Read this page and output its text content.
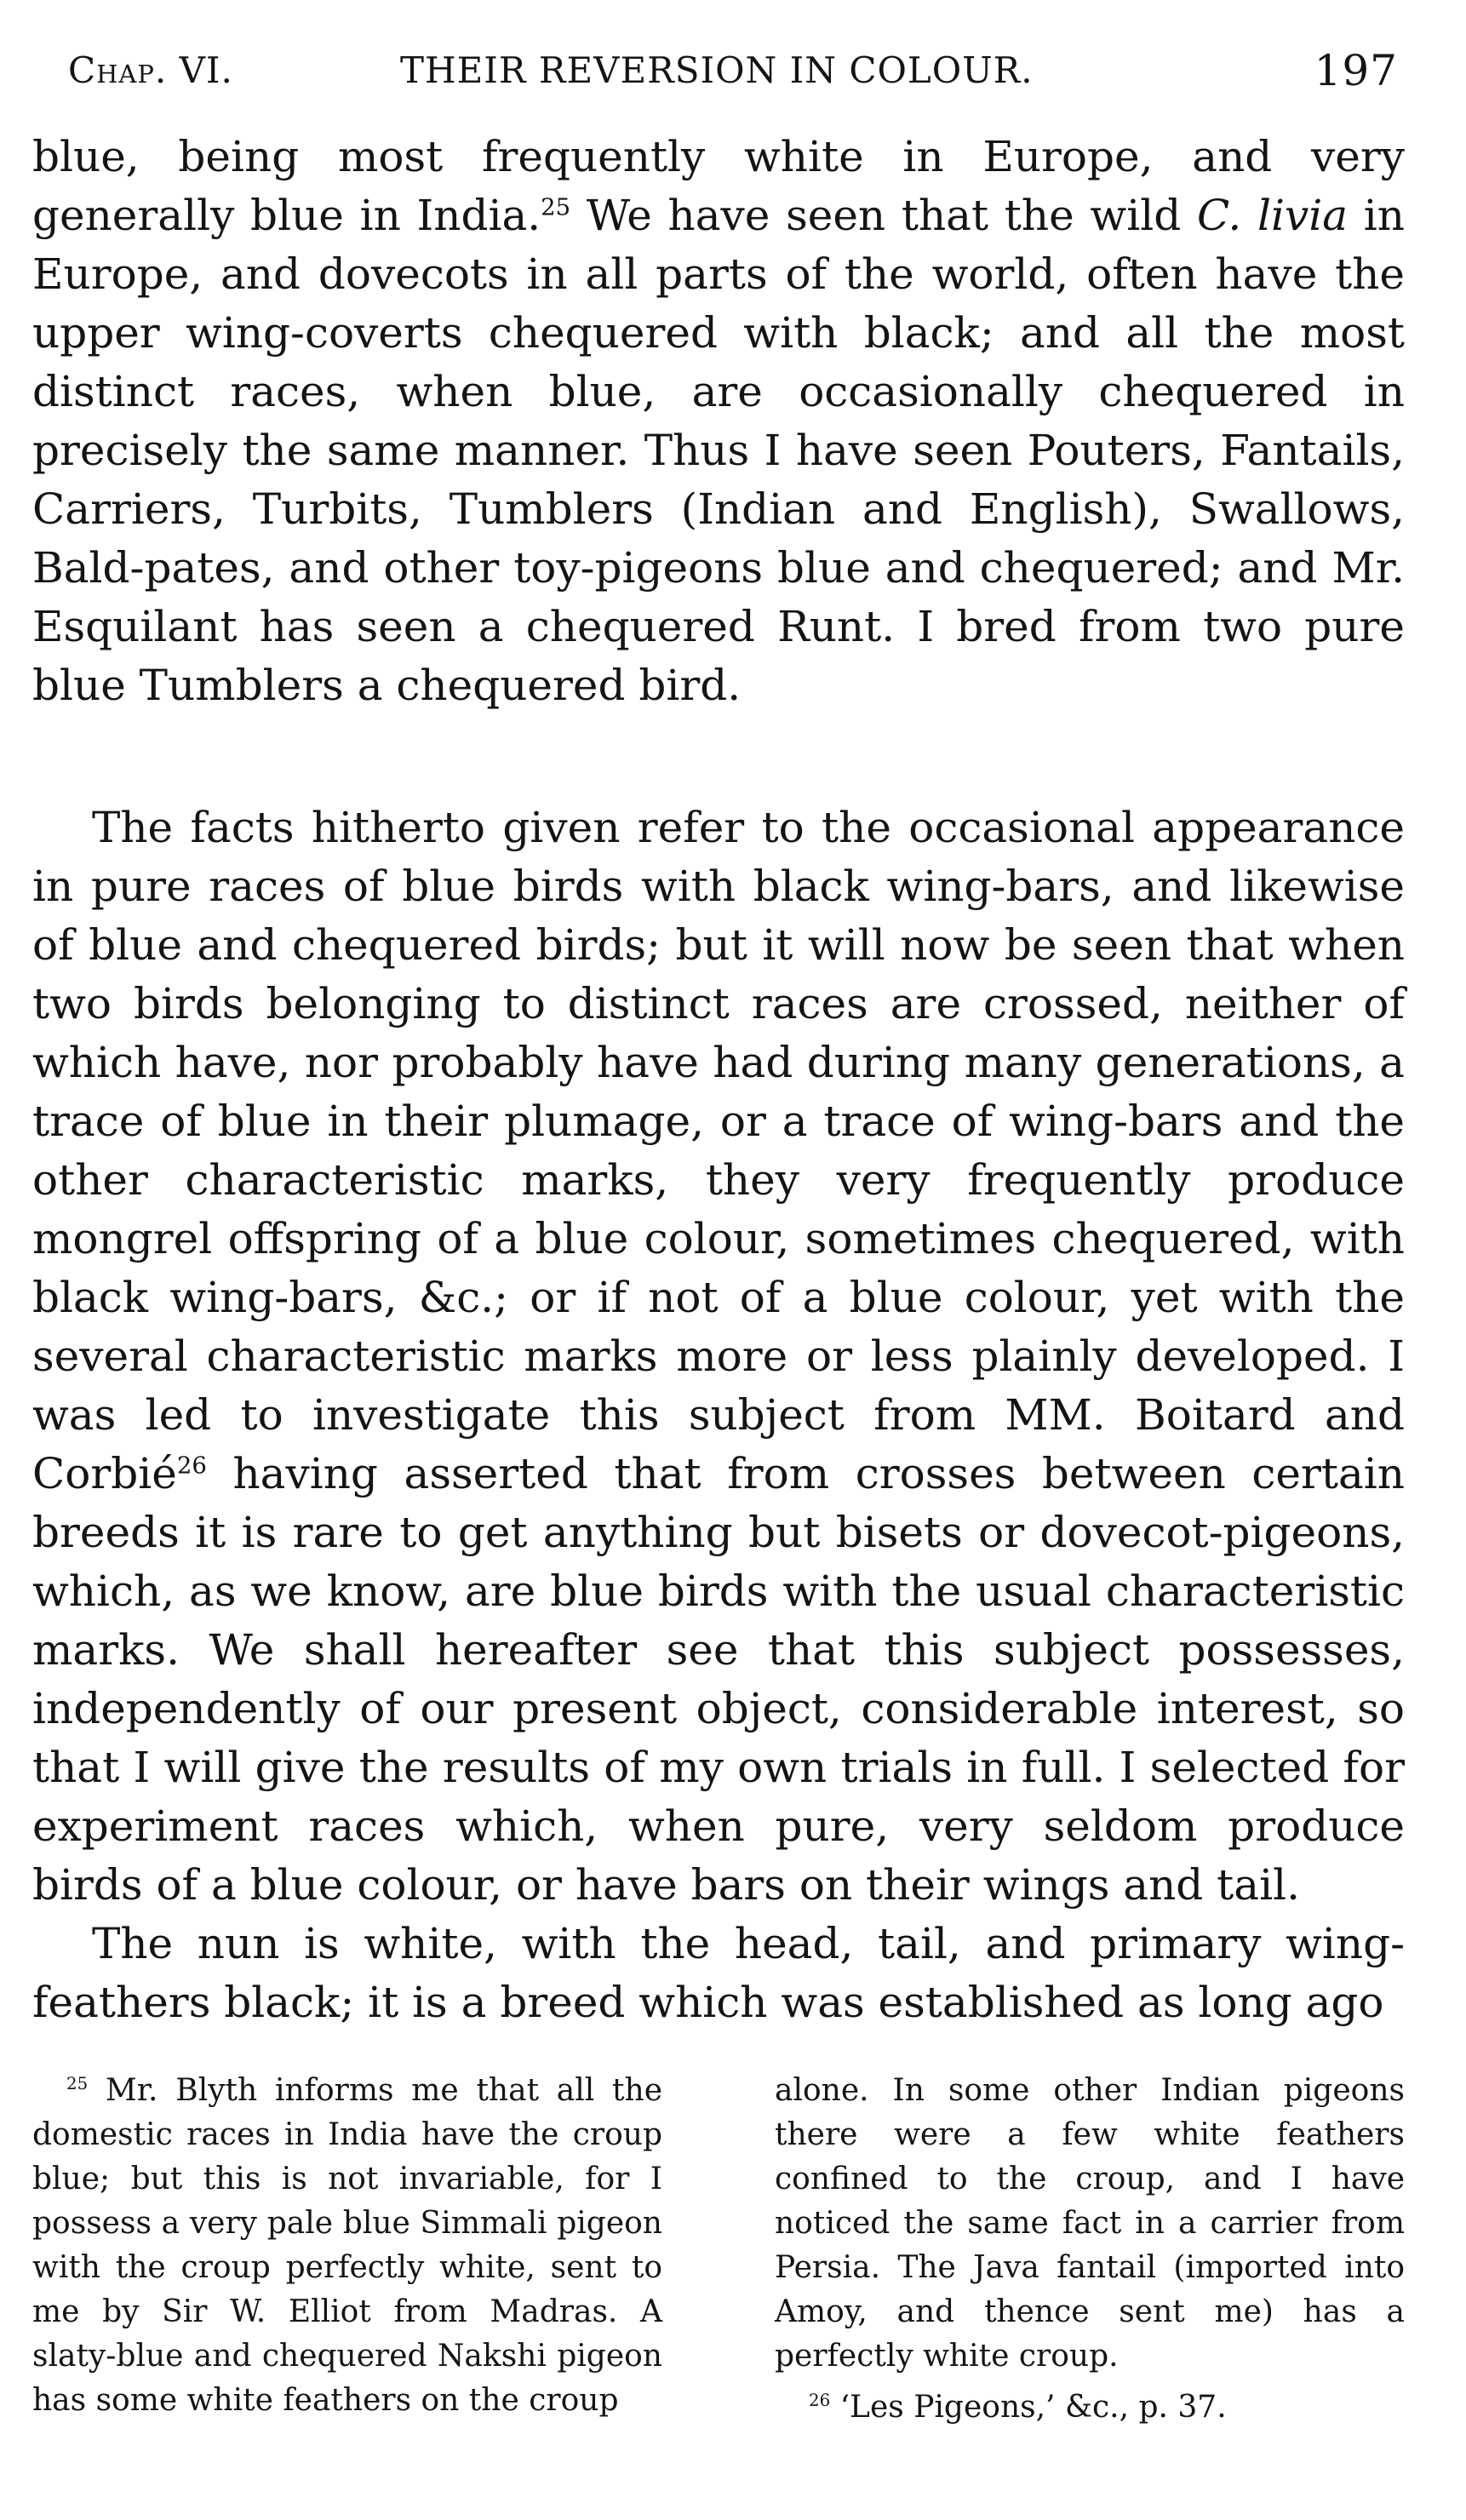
Chap. VI.	THEIR REVERSION IN COLOUR.	197

blue, being most frequently white in Europe, and very generally blue in India.$^{25}$ We have seen that the wild C. livia in Europe, and dovecots in all parts of the world, often have the upper wing-coverts chequered with black; and all the most distinct races, when blue, are occasionally chequered in precisely the same manner. Thus I have seen Pouters, Fantails, Carriers, Turbits, Tumblers (Indian and English), Swallows, Bald-pates, and other toy-pigeons blue and chequered; and Mr. Esquilant has seen a chequered Runt. I bred from two pure blue Tumblers a chequered bird.

The facts hitherto given refer to the occasional appearance in pure races of blue birds with black wing-bars, and likewise of blue and chequered birds; but it will now be seen that when two birds belonging to distinct races are crossed, neither of which have, nor probably have had during many generations, a trace of blue in their plumage, or a trace of wing-bars and the other characteristic marks, they very frequently produce mongrel offspring of a blue colour, sometimes chequered, with black wing-bars, &c.; or if not of a blue colour, yet with the several characteristic marks more or less plainly developed. I was led to investigate this subject from MM. Boitard and Corbié$^{26}$ having asserted that from crosses between certain breeds it is rare to get anything but bisets or dovecot-pigeons, which, as we know, are blue birds with the usual characteristic marks. We shall hereafter see that this subject possesses, independently of our present object, considerable interest, so that I will give the results of my own trials in full. I selected for experiment races which, when pure, very seldom produce birds of a blue colour, or have bars on their wings and tail.

The nun is white, with the head, tail, and primary wing-feathers black; it is a breed which was established as long ago

$^{25}$ Mr. Blyth informs me that all the domestic races in India have the croup blue; but this is not invariable, for I possess a very pale blue Simmali pigeon with the croup perfectly white, sent to me by Sir W. Elliot from Madras. A slaty-blue and chequered Nakshi pigeon has some white feathers on the croup

alone. In some other Indian pigeons there were a few white feathers confined to the croup, and I have noticed the same fact in a carrier from Persia. The Java fantail (imported into Amoy, and thence sent me) has a perfectly white croup.

$^{26}$ ‘Les Pigeons,’ &c., p. 37.
